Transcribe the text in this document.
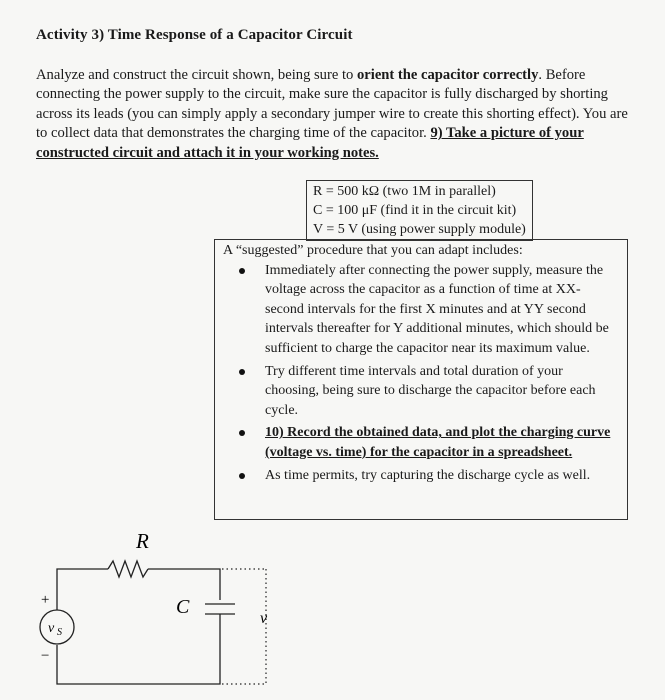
Activity 3) Time Response of a Capacitor Circuit
Analyze and construct the circuit shown, being sure to orient the capacitor correctly. Before connecting the power supply to the circuit, make sure the capacitor is fully discharged by shorting across its leads (you can simply apply a secondary jumper wire to create this shorting effect). You are to collect data that demonstrates the charging time of the capacitor. 9) Take a picture of your constructed circuit and attach it in your working notes.
R = 500 kΩ (two 1M in parallel)
C = 100 μF (find it in the circuit kit)
V = 5 V (using power supply module)
A “suggested” procedure that you can adapt includes:
Immediately after connecting the power supply, measure the voltage across the capacitor as a function of time at XX-second intervals for the first X minutes and at YY second intervals thereafter for Y additional minutes, which should be sufficient to charge the capacitor near its maximum value.
Try different time intervals and total duration of your choosing, being sure to discharge the capacitor before each cycle.
10) Record the obtained data, and plot the charging curve (voltage vs. time) for the capacitor in a spreadsheet.
As time permits, try capturing the discharge cycle as well.
R
C
+
−
v S
v
